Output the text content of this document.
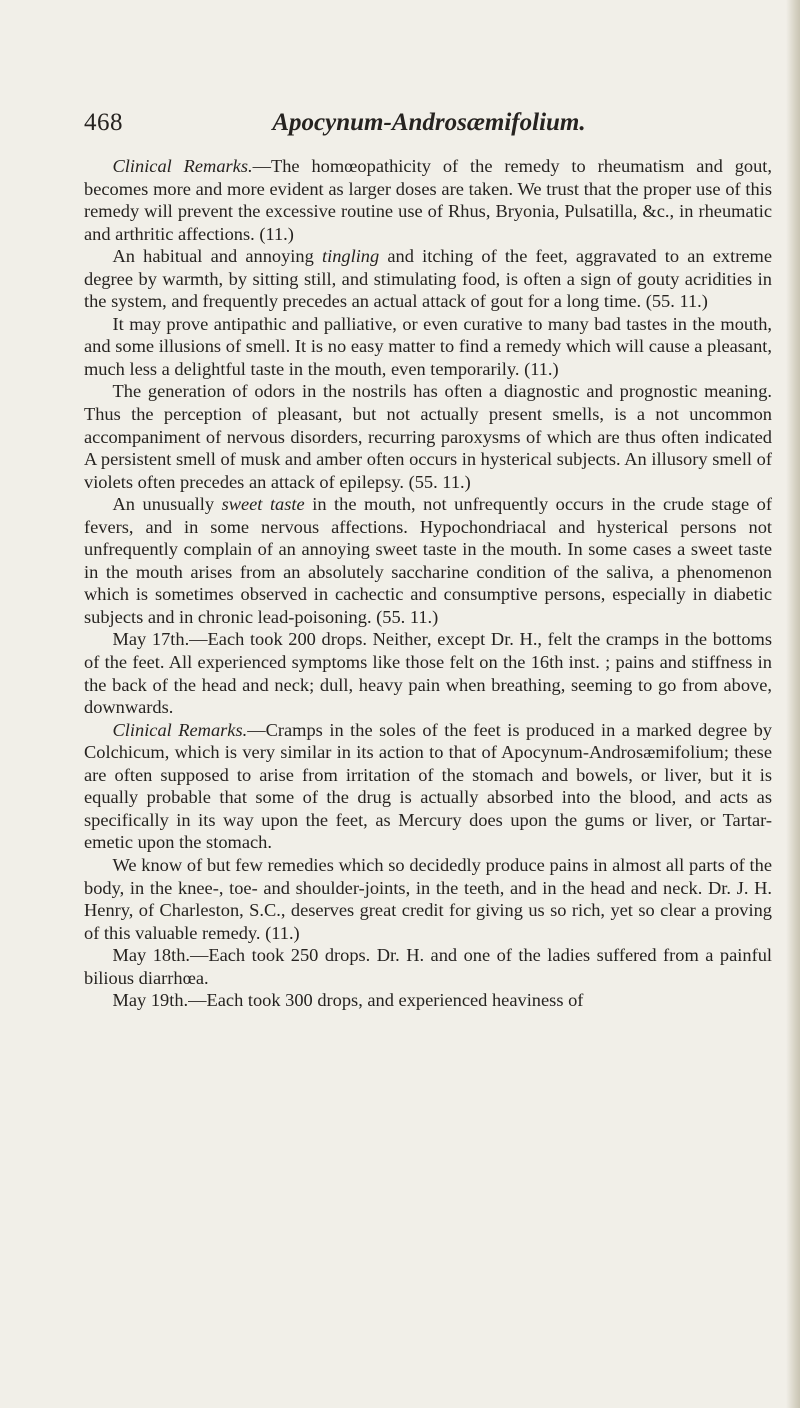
468	Apocynum-Androsæmifolium.

Clinical Remarks.—The homœopathicity of the remedy to rheumatism and gout, becomes more and more evident as larger doses are taken. We trust that the proper use of this remedy will prevent the excessive routine use of Rhus, Bryonia, Pulsatilla, &c., in rheumatic and arthritic affections. (11.)

An habitual and annoying tingling and itching of the feet, aggravated to an extreme degree by warmth, by sitting still, and stimulating food, is often a sign of gouty acridities in the system, and frequently precedes an actual attack of gout for a long time. (55. 11.)

It may prove antipathic and palliative, or even curative to many bad tastes in the mouth, and some illusions of smell. It is no easy matter to find a remedy which will cause a pleasant, much less a delightful taste in the mouth, even temporarily. (11.)

The generation of odors in the nostrils has often a diagnostic and prognostic meaning. Thus the perception of pleasant, but not actually present smells, is a not uncommon accompaniment of nervous disorders, recurring paroxysms of which are thus often indicated A persistent smell of musk and amber often occurs in hysterical subjects. An illusory smell of violets often precedes an attack of epilepsy. (55. 11.)

An unusually sweet taste in the mouth, not unfrequently occurs in the crude stage of fevers, and in some nervous affections. Hypochondriacal and hysterical persons not unfrequently complain of an annoying sweet taste in the mouth. In some cases a sweet taste in the mouth arises from an absolutely saccharine condition of the saliva, a phenomenon which is sometimes observed in cachectic and consumptive persons, especially in diabetic subjects and in chronic lead-poisoning. (55. 11.)

May 17th.—Each took 200 drops. Neither, except Dr. H., felt the cramps in the bottoms of the feet. All experienced symptoms like those felt on the 16th inst. ; pains and stiffness in the back of the head and neck; dull, heavy pain when breathing, seeming to go from above, downwards.

Clinical Remarks.—Cramps in the soles of the feet is produced in a marked degree by Colchicum, which is very similar in its action to that of Apocynum-Androsæmifolium; these are often supposed to arise from irritation of the stomach and bowels, or liver, but it is equally probable that some of the drug is actually absorbed into the blood, and acts as specifically in its way upon the feet, as Mercury does upon the gums or liver, or Tartar-emetic upon the stomach.

We know of but few remedies which so decidedly produce pains in almost all parts of the body, in the knee-, toe- and shoulder-joints, in the teeth, and in the head and neck. Dr. J. H. Henry, of Charleston, S.C., deserves great credit for giving us so rich, yet so clear a proving of this valuable remedy. (11.)

May 18th.—Each took 250 drops. Dr. H. and one of the ladies suffered from a painful bilious diarrhœa.

May 19th.—Each took 300 drops, and experienced heaviness of
